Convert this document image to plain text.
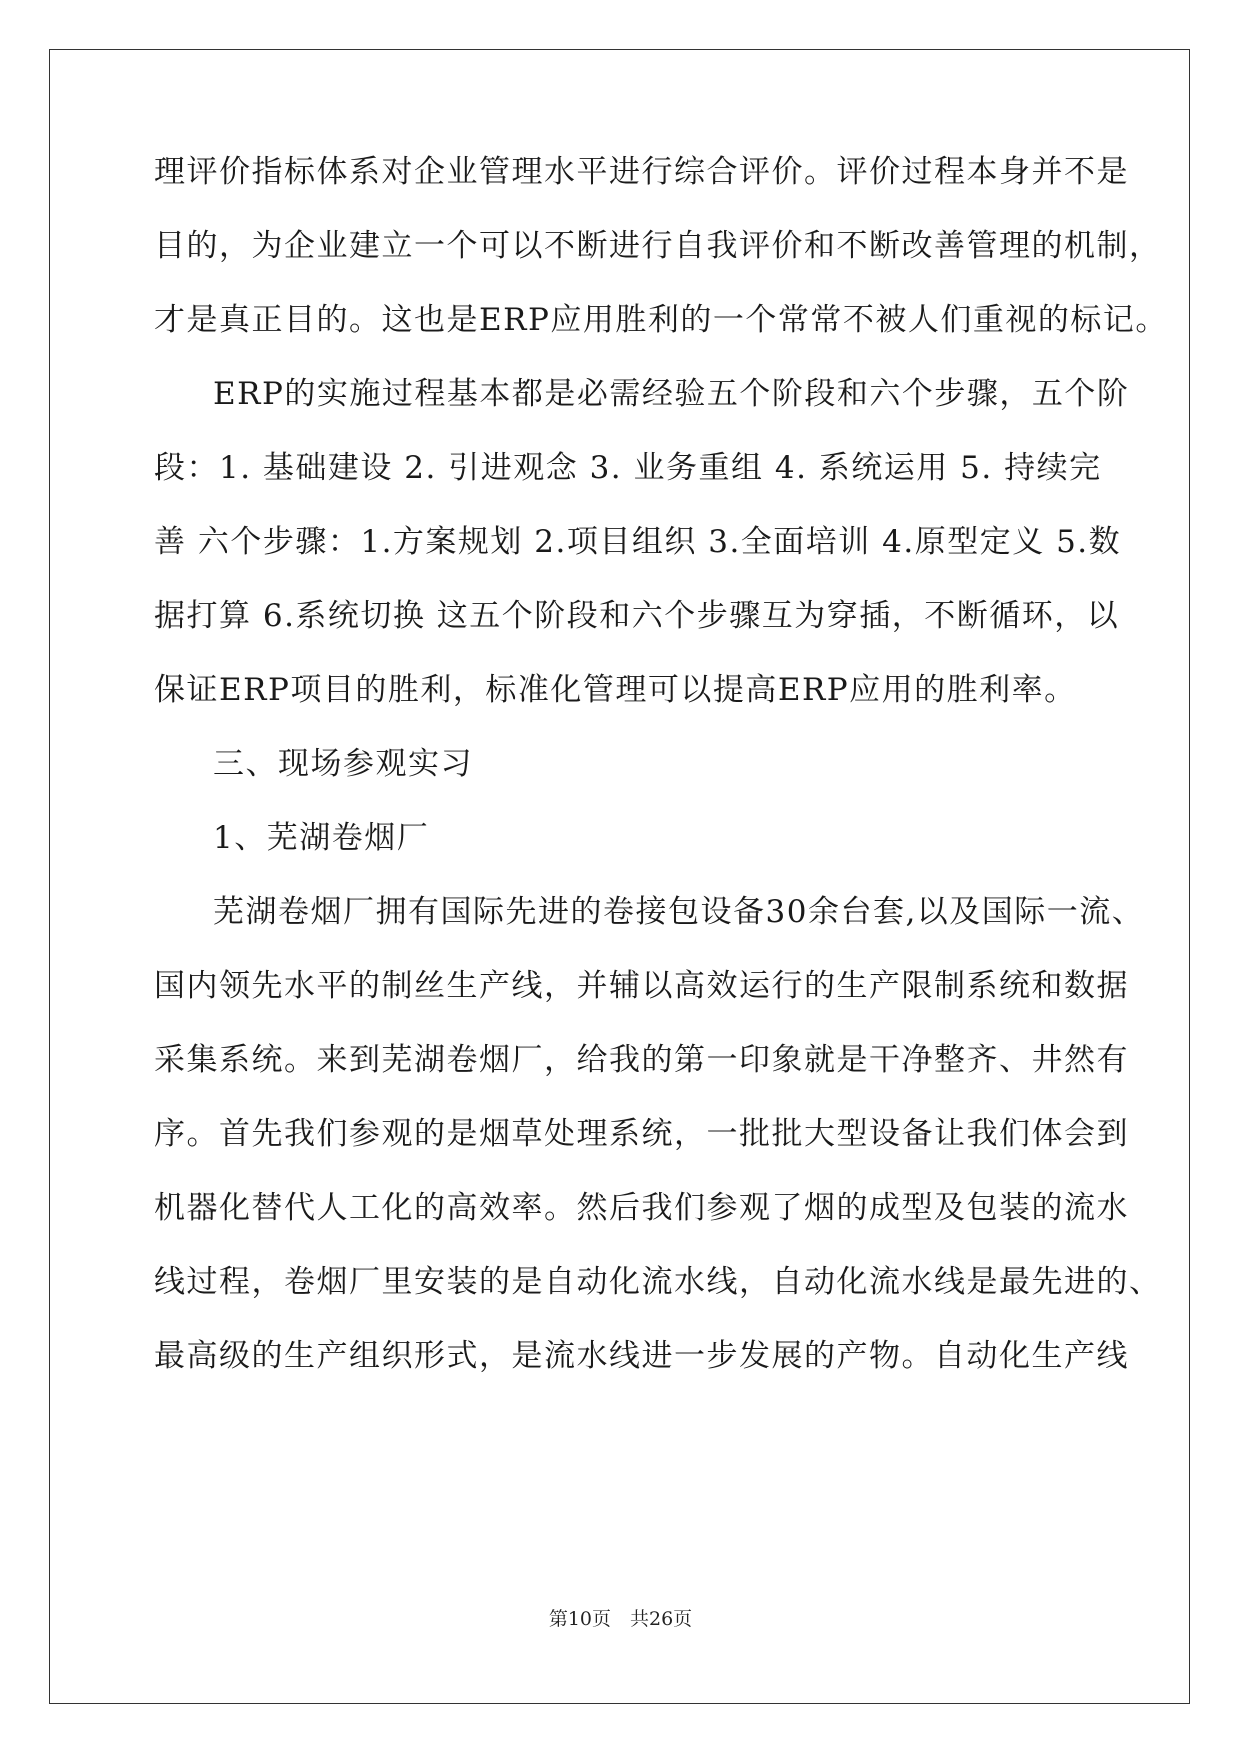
理评价指标体系对企业管理水平进行综合评价。评价过程本身并不是
目的，为企业建立一个可以不断进行自我评价和不断改善管理的机制，
才是真正目的。这也是ERP应用胜利的一个常常不被人们重视的标记。
ERP的实施过程基本都是必需经验五个阶段和六个步骤，五个阶
段：1. 基础建设 2. 引进观念 3. 业务重组 4. 系统运用 5. 持续完
善 六个步骤：1.方案规划 2.项目组织 3.全面培训 4.原型定义 5.数
据打算 6.系统切换 这五个阶段和六个步骤互为穿插，不断循环，以
保证ERP项目的胜利，标准化管理可以提高ERP应用的胜利率。
三、现场参观实习
1、芜湖卷烟厂
芜湖卷烟厂拥有国际先进的卷接包设备30余台套,以及国际一流、
国内领先水平的制丝生产线，并辅以高效运行的生产限制系统和数据
采集系统。来到芜湖卷烟厂，给我的第一印象就是干净整齐、井然有
序。首先我们参观的是烟草处理系统，一批批大型设备让我们体会到
机器化替代人工化的高效率。然后我们参观了烟的成型及包装的流水
线过程，卷烟厂里安装的是自动化流水线，自动化流水线是最先进的、
最高级的生产组织形式，是流水线进一步发展的产物。自动化生产线
第10页　共26页
